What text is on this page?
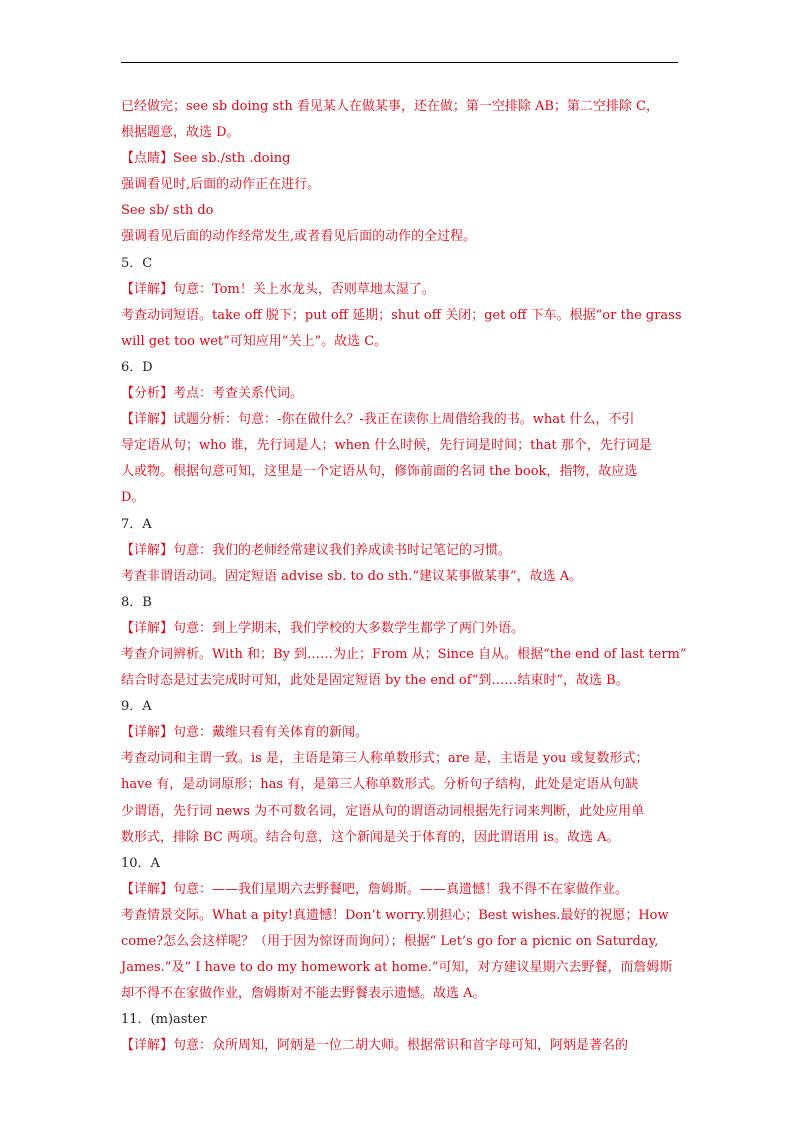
已经做完；see sb doing sth 看见某人在做某事，还在做；第一空排除 AB；第二空排除 C，
根据题意，故选 D。
【点睛】See sb./sth .doing
强调看见时,后面的动作正在进行。
See sb/ sth do
强调看见后面的动作经常发生,或者看见后面的动作的全过程。
5．C
【详解】句意：Tom！关上水龙头，否则草地太湿了。
考查动词短语。take off 脱下；put off 延期；shut off 关闭；get off 下车。根据“or the grass
will get too wet”可知应用“关上”。故选 C。
6．D
【分析】考点：考查关系代词。
【详解】试题分析：句意：-你在做什么？-我正在读你上周借给我的书。what 什么，不引
导定语从句；who 谁，先行词是人；when 什么时候，先行词是时间；that 那个，先行词是
人或物。根据句意可知，这里是一个定语从句，修饰前面的名词 the book，指物，故应选
D。
7．A
【详解】句意：我们的老师经常建议我们养成读书时记笔记的习惯。
考查非谓语动词。固定短语 advise sb. to do sth.“建议某事做某事”，故选 A。
8．B
【详解】句意：到上学期末，我们学校的大多数学生都学了两门外语。
考查介词辨析。With 和；By 到……为止；From 从；Since 自从。根据“the end of last term”
结合时态是过去完成时可知，此处是固定短语 by the end of“到……结束时”，故选 B。
9．A
【详解】句意：戴维只看有关体育的新闻。
考查动词和主谓一致。is 是，主语是第三人称单数形式；are 是，主语是 you 或复数形式；
have 有，是动词原形；has 有，是第三人称单数形式。分析句子结构，此处是定语从句缺
少谓语，先行词 news 为不可数名词，定语从句的谓语动词根据先行词来判断，此处应用单
数形式，排除 BC 两项。结合句意，这个新闻是关于体育的，因此谓语用 is。故选 A。
10．A
【详解】句意：——我们星期六去野餐吧，詹姆斯。——真遗憾！我不得不在家做作业。
考查情景交际。What a pity!真遗憾！Don’t worry.别担心；Best wishes.最好的祝愿；How
come?怎么会这样呢？（用于因为惊讶而询问）；根据“ Let’s go for a picnic on Saturday,
James.”及“ I have to do my homework at home.”可知，对方建议星期六去野餐，而詹姆斯
却不得不在家做作业，詹姆斯对不能去野餐表示遗憾。故选 A。
11．(m)aster
【详解】句意：众所周知，阿炳是一位二胡大师。根据常识和首字母可知，阿炳是著名的
